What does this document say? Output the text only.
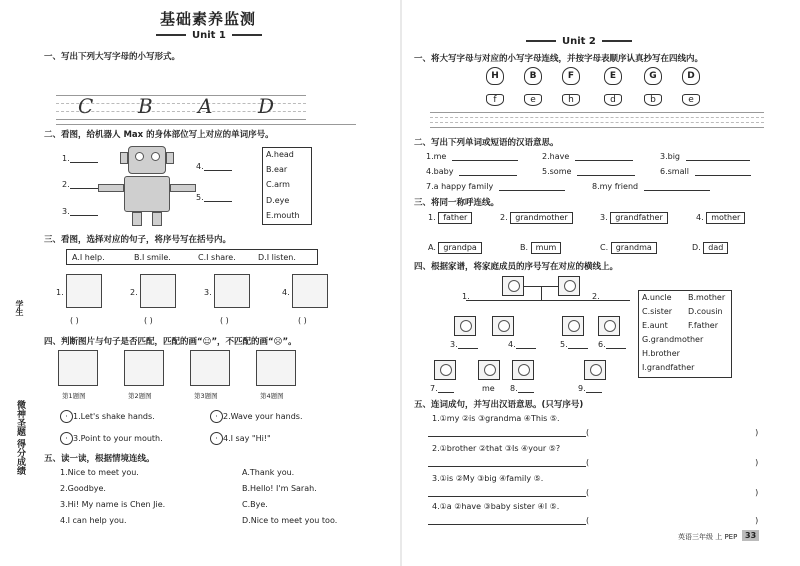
基础素养监测
Unit 1
学生
微神圣题 得分成绩
一、写出下列大写字母的小写形式。
C B A D
二、看图，给机器人 Max 的身体部位写上对应的单词序号。
1.
2.
3.
4.
5.
A.head
B.ear
C.arm
D.eye
E.mouth
三、看图，选择对应的句子，将序号写在括号内。
A.I help.	B.I smile.	C.I share.	D.I listen.
1.	2.	3.	4.
( )	( )	( )	( )
四、判断图片与句子是否匹配，匹配的画“☺”，不匹配的画“☹”。
第1题图	第2题图	第3题图	第4题图
· 1.Let's shake hands.	· 2.Wave your hands.
· 3.Point to your mouth.	· 4.I say "Hi!"
五、读一读，根据情境连线。
1.Nice to meet you.
2.Goodbye.
3.Hi! My name is Chen Jie.
4.I can help you.
A.Thank you.
B.Hello! I'm Sarah.
C.Bye.
D.Nice to meet you too.
Unit 2
一、将大写字母与对应的小写字母连线，并按字母表顺序认真抄写在四线内。
H	B	F	E	G	D
f	e	h	d	b	e
二、写出下列单词或短语的汉语意思。
1.me	2.have	3.big
4.baby	5.some	6.small
7.a happy family	8.my friend
三、将同一称呼连线。
1. father	2. grandmother	3. grandfather	4. mother
A. grandpa	B. mum	C. grandma	D. dad
四、根据家谱，将家庭成员的序号写在对应的横线上。
1.	2.
3.	4.	5.	6.
7.	me 8.	9.
A.uncle B.mother
C.sister D.cousin
E.aunt	F.father
G.grandmother
H.brother
I.grandfather
五、连词成句，并写出汉语意思。(只写序号)
1.①my ②is ③grandma ④This ⑤.
(	)
2.①brother ②that ③Is ④your ⑤?
(	)
3.①is ②My ③big ④family ⑤.
(	)
4.①a ②have ③baby sister ④I ⑤.
(	)
英语三年级 上 PEP 33
